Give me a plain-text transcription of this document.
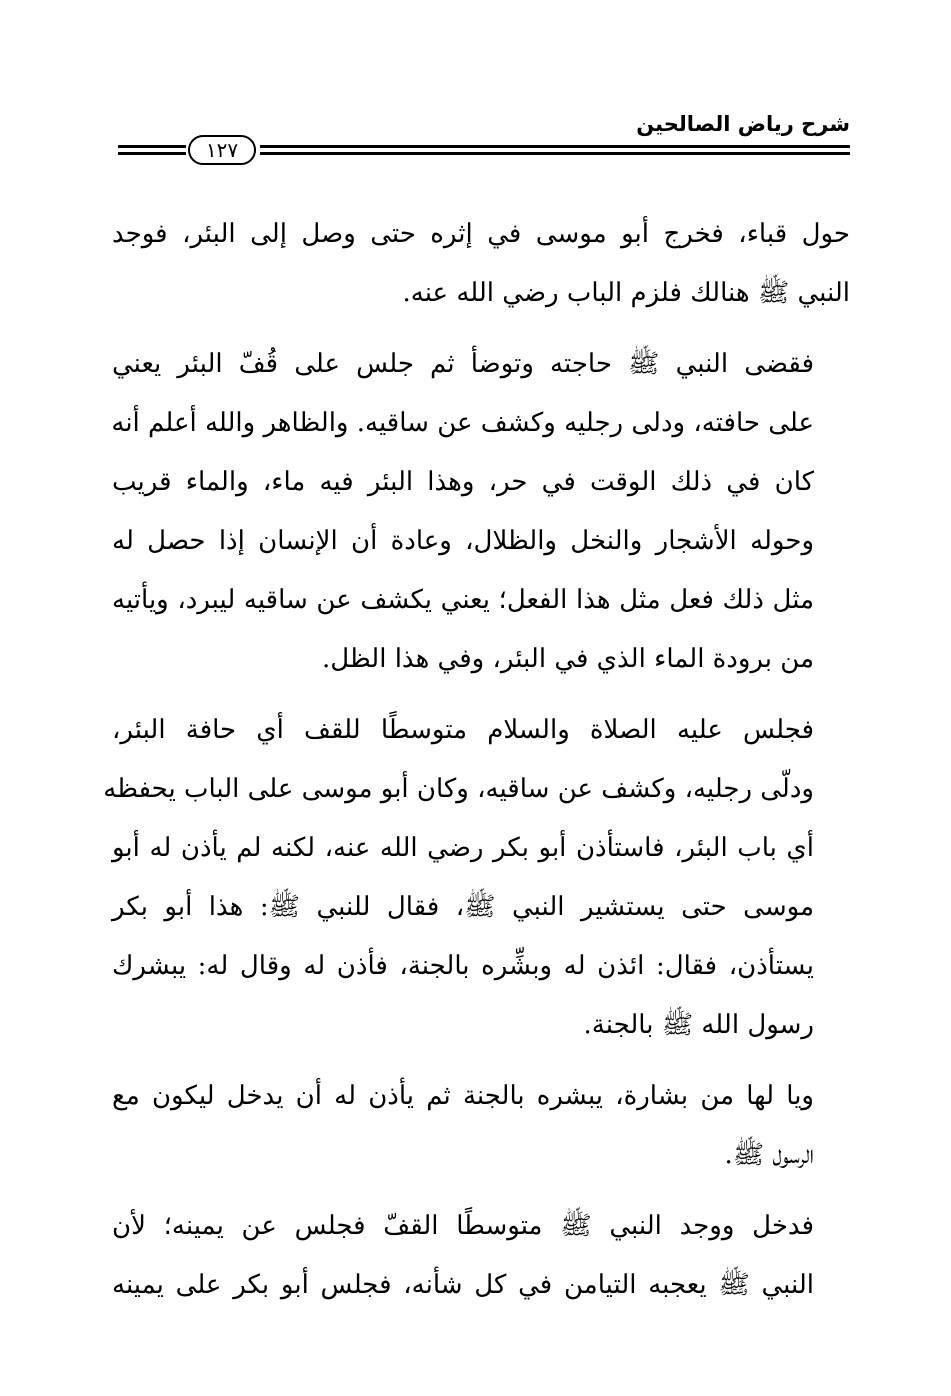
شرح رياض الصالحين
١٢٧

حول قباء، فخرج أبو موسى في إثره حتى وصل إلى البئر، فوجد
النبي ﷺ هنالك فلزم الباب رضي الله عنه.

فقضى النبي ﷺ حاجته وتوضأ ثم جلس على قُفّ البئر يعني
على حافته، ودلى رجليه وكشف عن ساقيه. والظاهر والله أعلم أنه
كان في ذلك الوقت في حر، وهذا البئر فيه ماء، والماء قريب
وحوله الأشجار والنخل والظلال، وعادة أن الإنسان إذا حصل له
مثل ذلك فعل مثل هذا الفعل؛ يعني يكشف عن ساقيه ليبرد، ويأتيه
من برودة الماء الذي في البئر، وفي هذا الظل.

فجلس عليه الصلاة والسلام متوسطًا للقف أي حافة البئر،
ودلّى رجليه، وكشف عن ساقيه، وكان أبو موسى على الباب يحفظه
أي باب البئر، فاستأذن أبو بكر رضي الله عنه، لكنه لم يأذن له أبو
موسى حتى يستشير النبي ﷺ، فقال للنبي ﷺ: هذا أبو بكر
يستأذن، فقال: ائذن له وبشِّره بالجنة، فأذن له وقال له: يبشرك
رسول الله ﷺ بالجنة.

ويا لها من بشارة، يبشره بالجنة ثم يأذن له أن يدخل ليكون مع
الرسول ﷺ.

فدخل ووجد النبي ﷺ متوسطًا القفّ فجلس عن يمينه؛ لأن
النبي ﷺ يعجبه التيامن في كل شأنه، فجلس أبو بكر على يمينه
